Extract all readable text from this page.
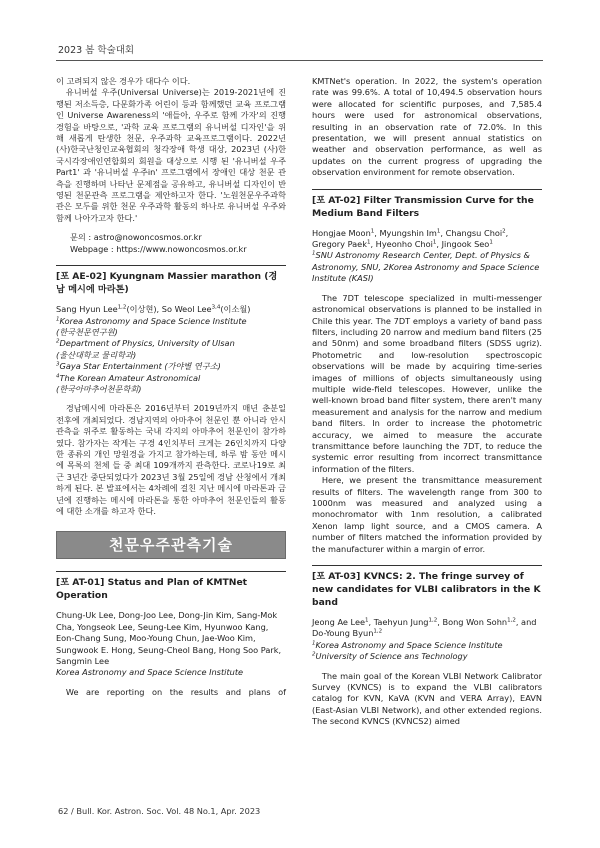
2023 봄 학술대회

이 고려되지 않은 경우가 대다수 이다.

유니버설 우주(Universal Universe)는 2019-2021년에 진행된 저소득층, 다문화가족 어린이 등과 함께했던 교육 프로그램인 Universe Awareness의 '애들아, 우주로 함께 가자'의 진행 경험을 바탕으로, '과학 교육 프로그램의 유니버설 디자인'을 위해 새롭게 탄생한 천문, 우주과학 교육프로그램이다. 2022년 (사)한국난청인교육협회의 청각장애 학생 대상, 2023년 (사)한국시각장애인연합회의 회원을 대상으로 시행 된 '유니버설 우주 Part1' 과 '유니버설 우주in' 프로그램에서 장애인 대상 천문 관측을 진행하며 나타난 문제점을 공유하고, 유니버설 디자인이 반영된 천문관측 프로그램을 제안하고자 한다. '노원천문우주과학관은 모두를 위한 천문 우주과학 활동의 하나로 유니버설 우주와 함께 나아가고자 한다.'

문의 : astro@nowoncosmos.or.kr

Webpage : https://www.nowoncosmos.or.kr

[포 AE-02] Kyungnam Massier marathon (경남 메시에 마라톤)

Sang Hyun Lee$^{1,2}$(이상현), So Weol Lee$^{3,4}$(이소월)

$^1$Korea Astronomy and Space Science Institute

(한국천문연구원)

$^2$Department of Physics, University of Ulsan

(울산대학교 물리학과)

$^3$Gaya Star Entertainment (가야별 연구소)

$^4$The Korean Amateur Astronomical

(한국아마추어천문학회)

경남메시에 마라톤은 2016년부터 2019년까지 매년 춘분일 전후에 개최되었다. 경남지역의 아마추어 천문인 뿐 아니라 안시관측을 위주로 활동하는 국내 각지의 아마추어 천문인이 참가하였다. 참가자는 작게는 구경 4인치부터 크게는 26인치까지 다양한 종류의 개인 망원경을 가지고 참가하는데, 하루 밤 동안 메시에 목록의 천체 들 중 최대 109개까지 관측한다. 코로나19로 최근 3년간 중단되었다가 2023년 3월 25일에 경남 산청에서 개최하게 된다. 본 발표에서는 4차례에 걸친 지난 메시에 마라톤과 금년에 진행하는 메시에 마라톤을 통한 아마추어 천문인들의 활동에 대한 소개를 하고자 한다.

천문우주관측기술

[포 AT-01] Status and Plan of KMTNet Operation

Chung-Uk Lee, Dong-Joo Lee, Dong-Jin Kim, Sang-Mok Cha, Yongseok Lee, Seung-Lee Kim, Hyunwoo Kang, Eon-Chang Sung, Moo-Young Chun, Jae-Woo Kim, Sungwook E. Hong, Seung-Cheol Bang, Hong Soo Park, Sangmin Lee

Korea Astronomy and Space Science Institute

We are reporting on the results and plans of

KMTNet's operation. In 2022, the system's operation rate was 99.6%. A total of 10,494.5 observation hours were allocated for scientific purposes, and 7,585.4 hours were used for astronomical observations, resulting in an observation rate of 72.0%. In this presentation, we will present annual statistics on weather and observation performance, as well as updates on the current progress of upgrading the observation environment for remote observation.

[포 AT-02] Filter Transmission Curve for the Medium Band Filters

Hongjae Moon$^1$, Myungshin Im$^1$, Changsu Choi$^2$, Gregory Paek$^1$, Hyeonho Choi$^1$, Jingook Seo$^1$

$^1$SNU Astronomy Research Center, Dept. of Physics & Astronomy, SNU, 2Korea Astronomy and Space Science Institute (KASI)

The 7DT telescope specialized in multi-messenger astronomical observations is planned to be installed in Chile this year. The 7DT employs a variety of band pass filters, including 20 narrow and medium band filters (25 and 50nm) and some broadband filters (SDSS ugriz). Photometric and low-resolution spectroscopic observations will be made by acquiring time-series images of millions of objects simultaneously using multiple wide-field telescopes. However, unlike the well-known broad band filter system, there aren't many measurement and analysis for the narrow and medium band filters. In order to increase the photometric accuracy, we aimed to measure the accurate transmittance before launching the 7DT, to reduce the systemic error resulting from incorrect transmittance information of the filters.

Here, we present the transmittance measurement results of filters. The wavelength range from 300 to 1000nm was measured and analyzed using a monochromator with 1nm resolution, a calibrated Xenon lamp light source, and a CMOS camera. A number of filters matched the information provided by the manufacturer within a margin of error.

[포 AT-03] KVNCS: 2. The fringe survey of new candidates for VLBI calibrators in the K band

Jeong Ae Lee$^1$, Taehyun Jung$^{1,2}$, Bong Won Sohn$^{1,2}$, and Do-Young Byun$^{1,2}$

$^1$Korea Astronomy and Space Science Institute

$^2$University of Science ans Technology

The main goal of the Korean VLBI Network Calibrator Survey (KVNCS) is to expand the VLBI calibrators catalog for KVN, KaVA (KVN and VERA Array), EAVN (East-Asian VLBI Network), and other extended regions. The second KVNCS (KVNCS2) aimed

62 / Bull. Kor. Astron. Soc. Vol. 48 No.1, Apr. 2023
